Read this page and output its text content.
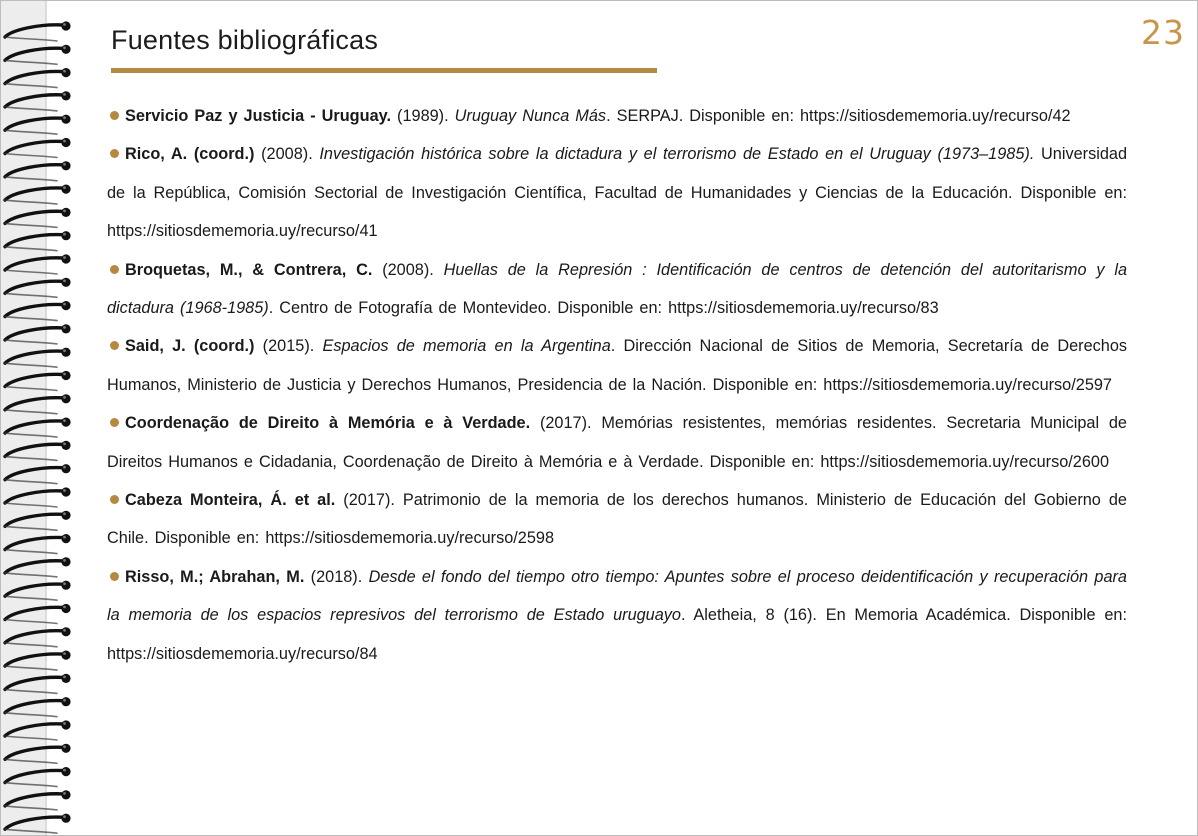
Fuentes bibliográficas	23

Servicio Paz y Justicia - Uruguay. (1989). Uruguay Nunca Más. SERPAJ. Disponible en: https://sitiosdememoria.uy/recurso/42

Rico, A. (coord.) (2008). Investigación histórica sobre la dictadura y el terrorismo de Estado en el Uruguay (1973–1985). Universidad de la República, Comisión Sectorial de Investigación Científica, Facultad de Humanidades y Ciencias de la Educación. Disponible en: https://sitiosdememoria.uy/recurso/41

Broquetas, M., & Contrera, C. (2008). Huellas de la Represión : Identificación de centros de detención del autoritarismo y la dictadura (1968-1985). Centro de Fotografía de Montevideo. Disponible en: https://sitiosdememoria.uy/recurso/83

Said, J. (coord.) (2015). Espacios de memoria en la Argentina. Dirección Nacional de Sitios de Memoria, Secretaría de Derechos Humanos, Ministerio de Justicia y Derechos Humanos, Presidencia de la Nación. Disponible en: https://sitiosdememoria.uy/recurso/2597

Coordenação de Direito à Memória e à Verdade. (2017). Memórias resistentes, memórias residentes. Secretaria Municipal de Direitos Humanos e Cidadania, Coordenação de Direito à Memória e à Verdade. Disponible en: https://sitiosdememoria.uy/recurso/2600

Cabeza Monteira, Á. et al. (2017). Patrimonio de la memoria de los derechos humanos. Ministerio de Educación del Gobierno de Chile. Disponible en: https://sitiosdememoria.uy/recurso/2598

Risso, M.; Abrahan, M. (2018). Desde el fondo del tiempo otro tiempo: Apuntes sobre el proceso deidentificación y recuperación para la memoria de los espacios represivos del terrorismo de Estado uruguayo. Aletheia, 8 (16). En Memoria Académica. Disponible en: https://sitiosdememoria.uy/recurso/84
